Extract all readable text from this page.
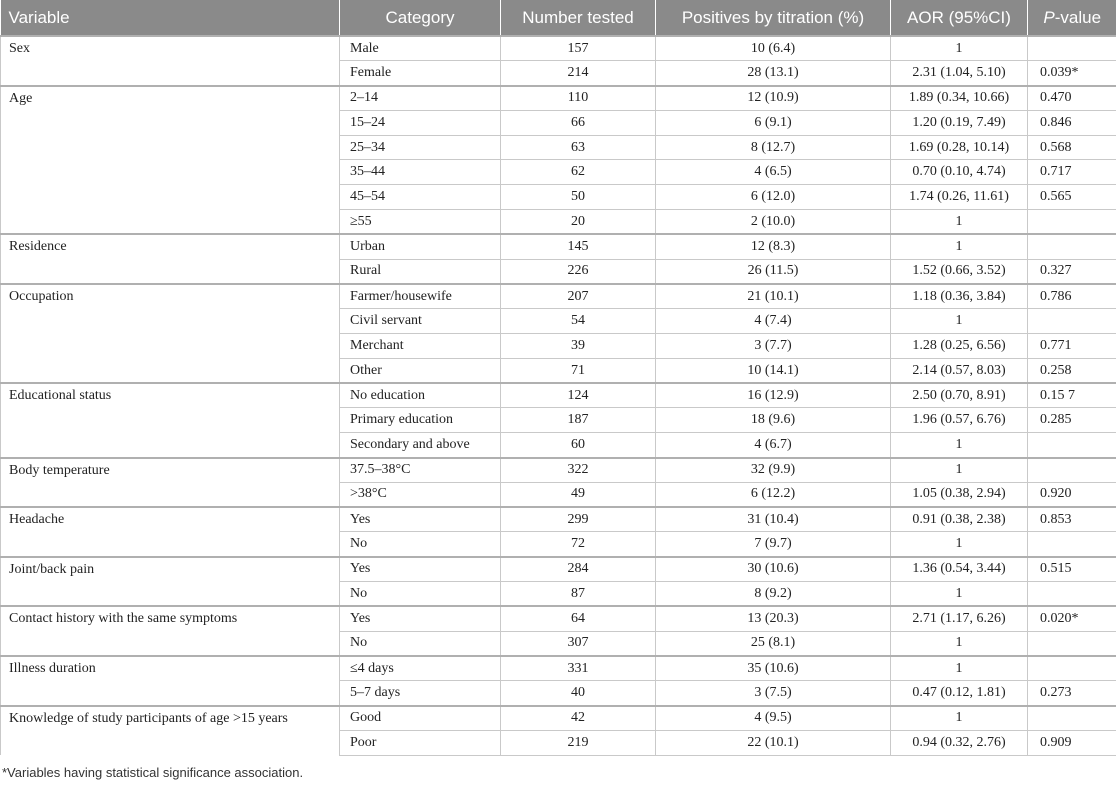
Variable	Category	Number tested	Positives by titration (%)	AOR (95%CI)	P-value
Sex	Male	157	10 (6.4)	1	
	Female	214	28 (13.1)	2.31 (1.04, 5.10)	0.039*
Age	2–14	110	12 (10.9)	1.89 (0.34, 10.66)	0.470
	15–24	66	6 (9.1)	1.20 (0.19, 7.49)	0.846
	25–34	63	8 (12.7)	1.69 (0.28, 10.14)	0.568
	35–44	62	4 (6.5)	0.70 (0.10, 4.74)	0.717
	45–54	50	6 (12.0)	1.74 (0.26, 11.61)	0.565
	≥55	20	2 (10.0)	1	
Residence	Urban	145	12 (8.3)	1	
	Rural	226	26 (11.5)	1.52 (0.66, 3.52)	0.327
Occupation	Farmer/housewife	207	21 (10.1)	1.18 (0.36, 3.84)	0.786
	Civil servant	54	4 (7.4)	1	
	Merchant	39	3 (7.7)	1.28 (0.25, 6.56)	0.771
	Other	71	10 (14.1)	2.14 (0.57, 8.03)	0.258
Educational status	No education	124	16 (12.9)	2.50 (0.70, 8.91)	0.15 7
	Primary education	187	18 (9.6)	1.96 (0.57, 6.76)	0.285
	Secondary and above	60	4 (6.7)	1	
Body temperature	37.5–38°C	322	32 (9.9)	1	
	>38°C	49	6 (12.2)	1.05 (0.38, 2.94)	0.920
Headache	Yes	299	31 (10.4)	0.91 (0.38, 2.38)	0.853
	No	72	7 (9.7)	1	
Joint/back pain	Yes	284	30 (10.6)	1.36 (0.54, 3.44)	0.515
	No	87	8 (9.2)	1	
Contact history with the same symptoms	Yes	64	13 (20.3)	2.71 (1.17, 6.26)	0.020*
	No	307	25 (8.1)	1	
Illness duration	≤4 days	331	35 (10.6)	1	
	5–7 days	40	3 (7.5)	0.47 (0.12, 1.81)	0.273
Knowledge of study participants of age >15 years	Good	42	4 (9.5)	1	
	Poor	219	22 (10.1)	0.94 (0.32, 2.76)	0.909
*Variables having statistical significance association.
